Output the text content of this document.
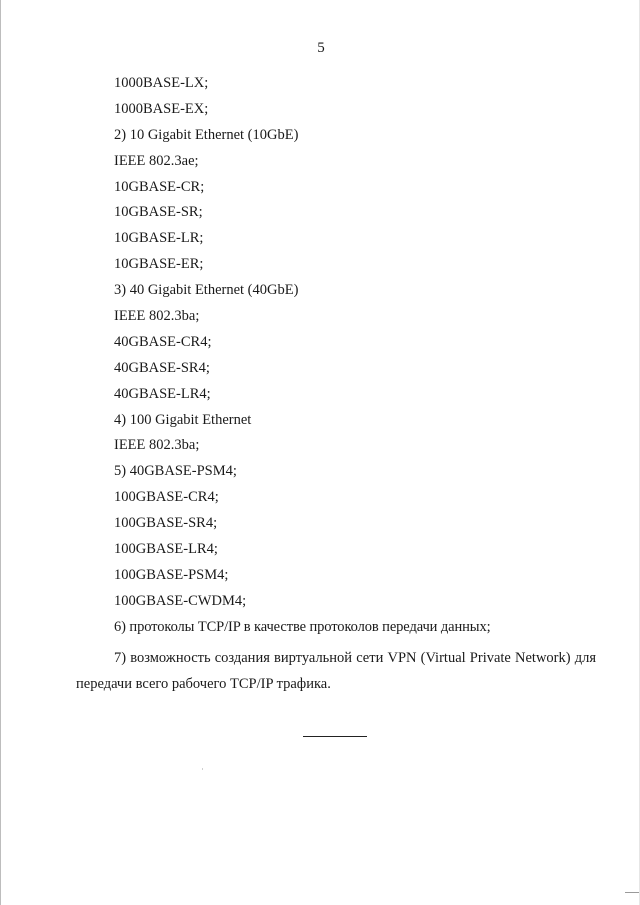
5
1000BASE-LX;
1000BASE-EX;
2) 10 Gigabit Ethernet (10GbE)
IEEE 802.3ae;
10GBASE-CR;
10GBASE-SR;
10GBASE-LR;
10GBASE-ER;
3) 40 Gigabit Ethernet (40GbE)
IEEE 802.3ba;
40GBASE-CR4;
40GBASE-SR4;
40GBASE-LR4;
4) 100 Gigabit Ethernet
IEEE 802.3ba;
5) 40GBASE-PSM4;
100GBASE-CR4;
100GBASE-SR4;
100GBASE-LR4;
100GBASE-PSM4;
100GBASE-CWDM4;
6) протоколы TCP/IP в качестве протоколов передачи данных;

7) возможность создания виртуальной сети VPN (Virtual Private Network) для передачи всего рабочего TCP/IP трафика.
